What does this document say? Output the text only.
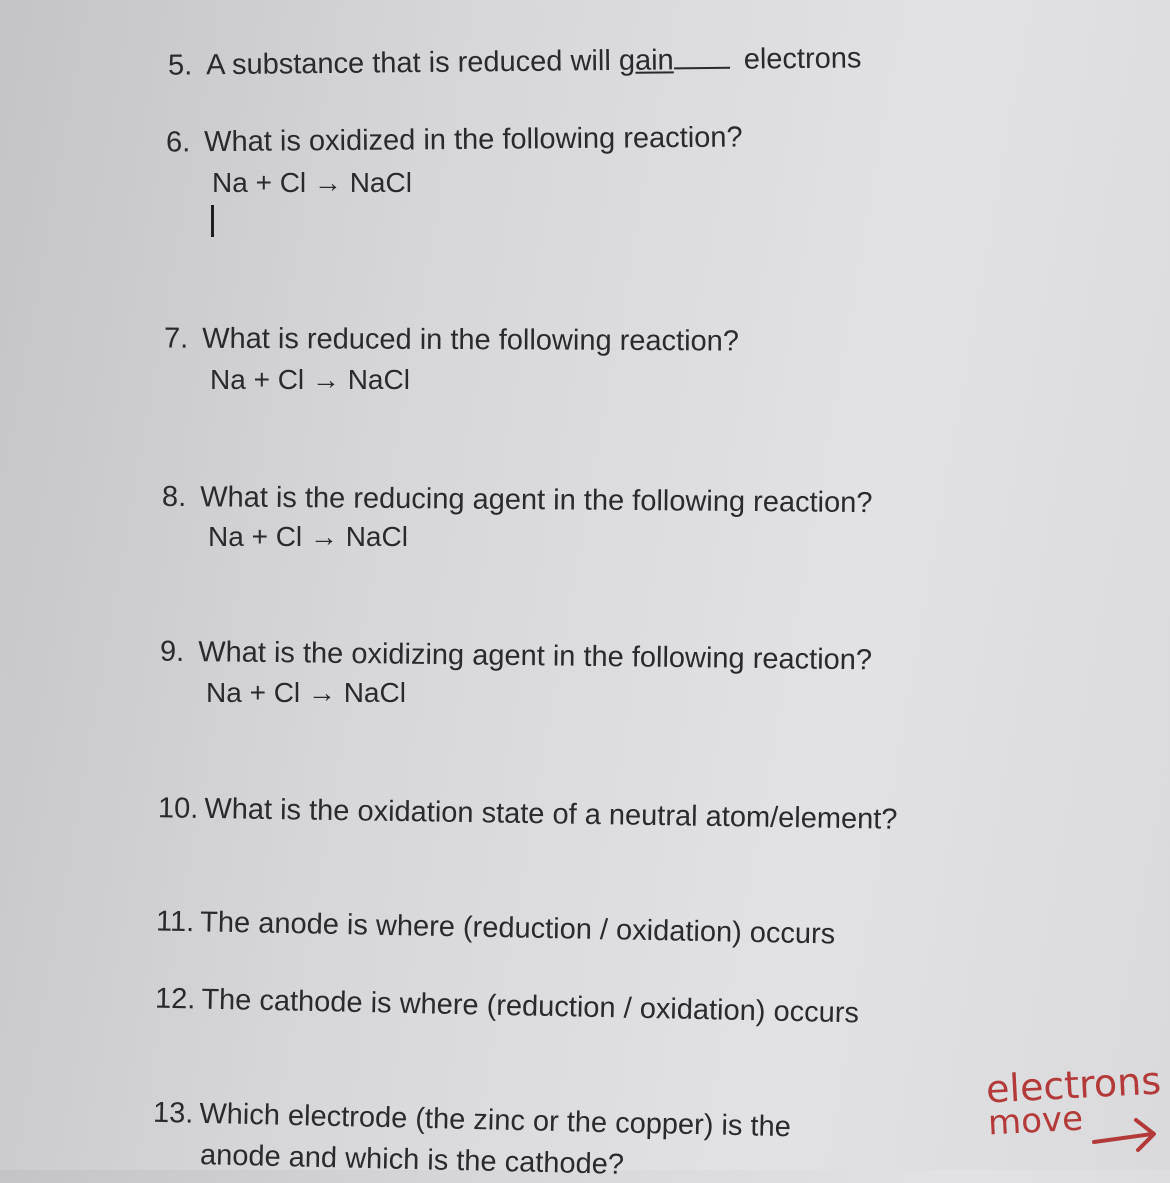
5. A substance that is reduced will gain electrons
6. What is oxidized in the following reaction?
Na + Cl → NaCl
7. What is reduced in the following reaction?
Na + Cl → NaCl
8. What is the reducing agent in the following reaction?
Na + Cl → NaCl
9. What is the oxidizing agent in the following reaction?
Na + Cl → NaCl
10. What is the oxidation state of a neutral atom/element?
11. The anode is where (reduction / oxidation) occurs
12. The cathode is where (reduction / oxidation) occurs
13. Which electrode (the zinc or the copper) is the
anode and which is the cathode?
electrons
move
